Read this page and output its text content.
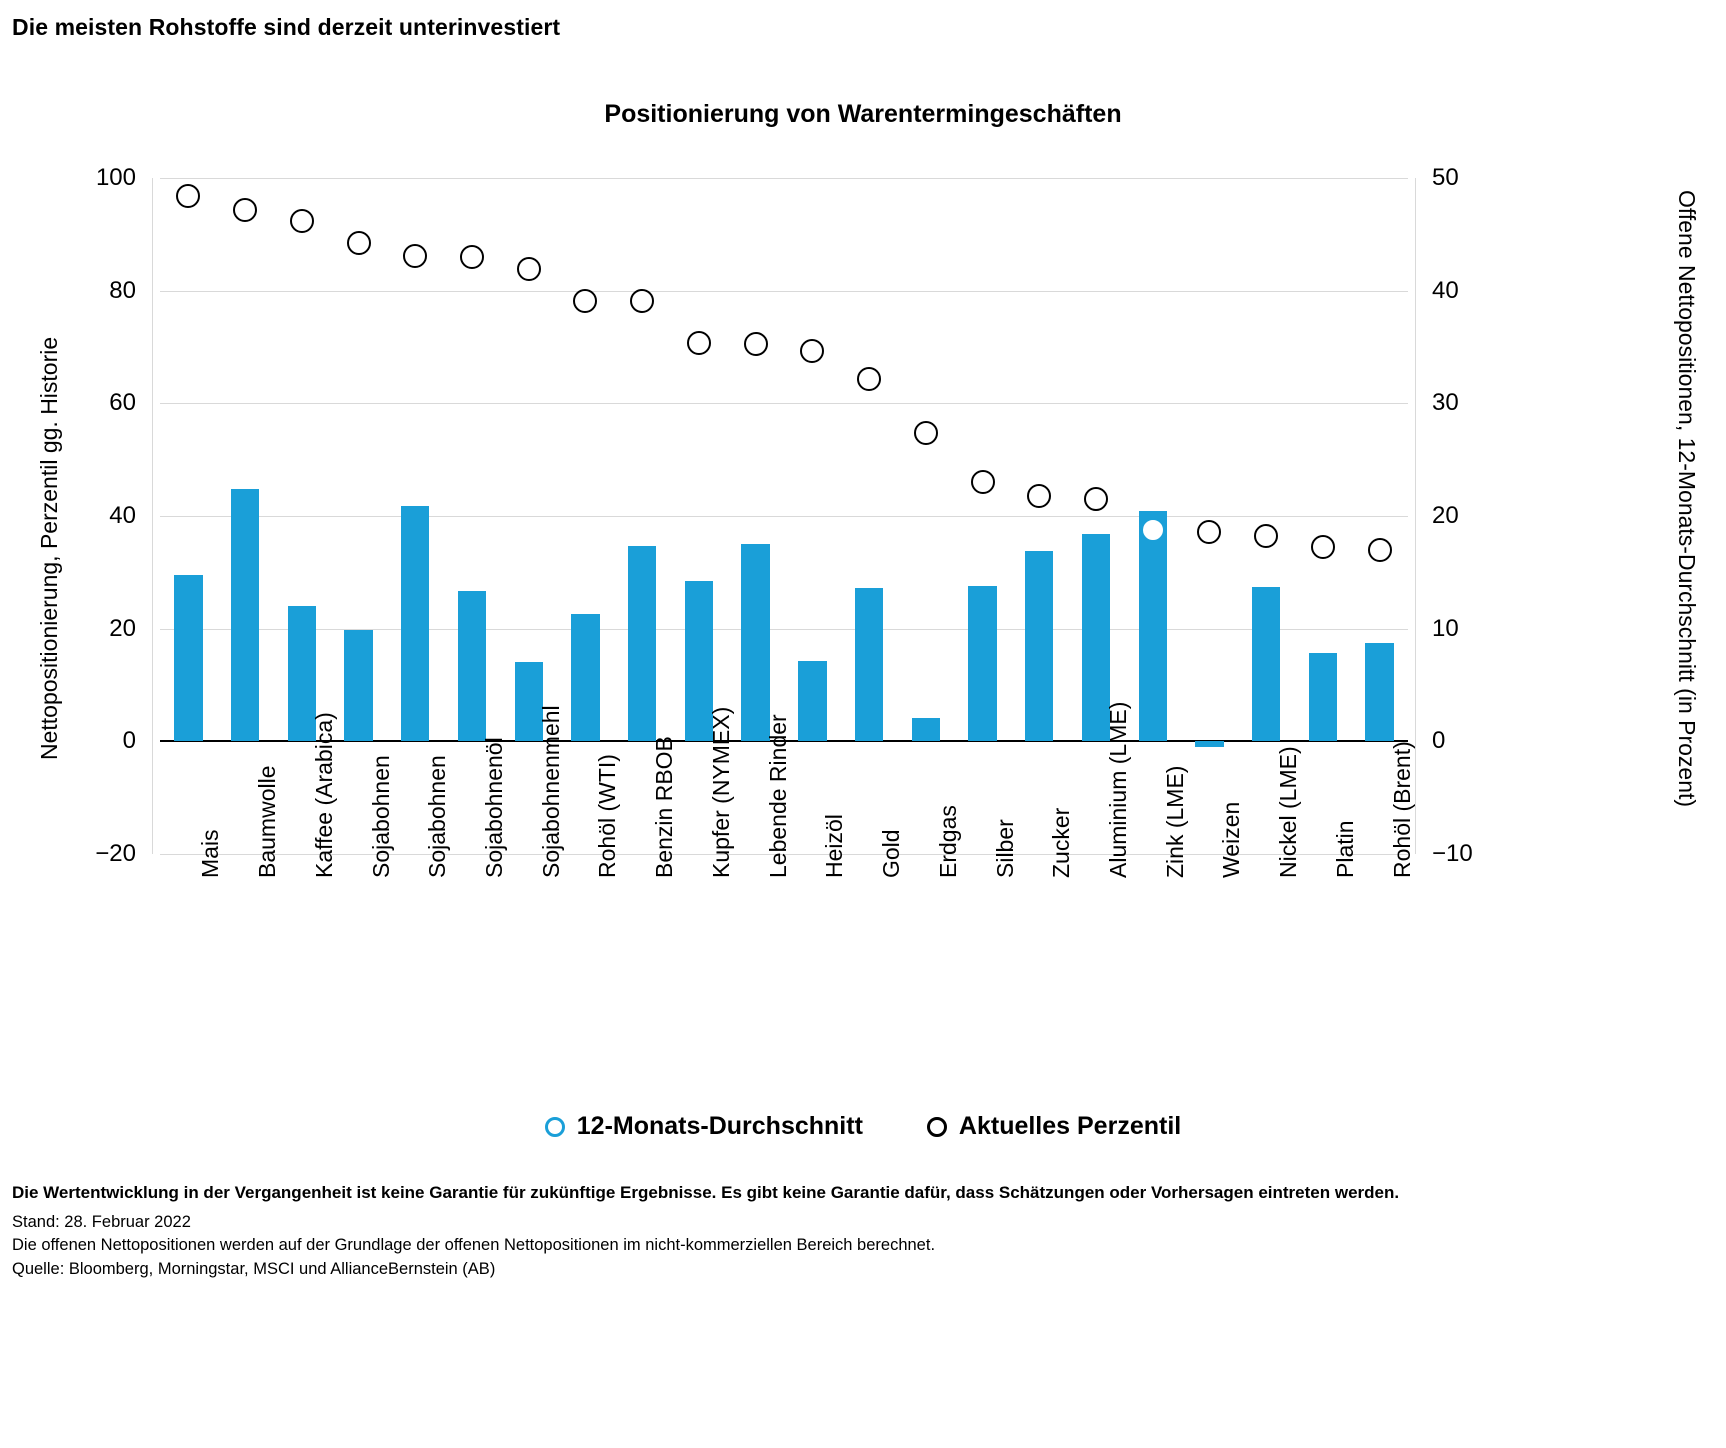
Die meisten Rohstoffe sind derzeit unterinvestiert
Positionierung von Warentermingeschäften
Nettopositionierung, Perzentil gg. Historie	Offene Nettopositionen, 12-Monats-Durchschnitt (in Prozent)
100
80
60
40
20
0
−20
50
40
30
20
10
0
−10
12-Monats-Durchschnitt	Aktuelles Perzentil
Die Wertentwicklung in der Vergangenheit ist keine Garantie für zukünftige Ergebnisse. Es gibt keine Garantie dafür, dass Schätzungen oder Vorhersagen eintreten werden.
Stand: 28. Februar 2022
Die offenen Nettopositionen werden auf der Grundlage der offenen Nettopositionen im nicht-kommerziellen Bereich berechnet.
Quelle: Bloomberg, Morningstar, MSCI und AllianceBernstein (AB)
Mais Baumwolle Kaffee (Arabica) Sojabohnen Sojabohnen Sojabohnenöl Sojabohnenmehl Rohöl (WTI) Benzin RBOB Kupfer (NYMEX) Lebende Rinder Heizöl Gold Erdgas Silber Zucker Aluminium (LME) Zink (LME) Weizen Nickel (LME) Platin Rohöl (Brent)
